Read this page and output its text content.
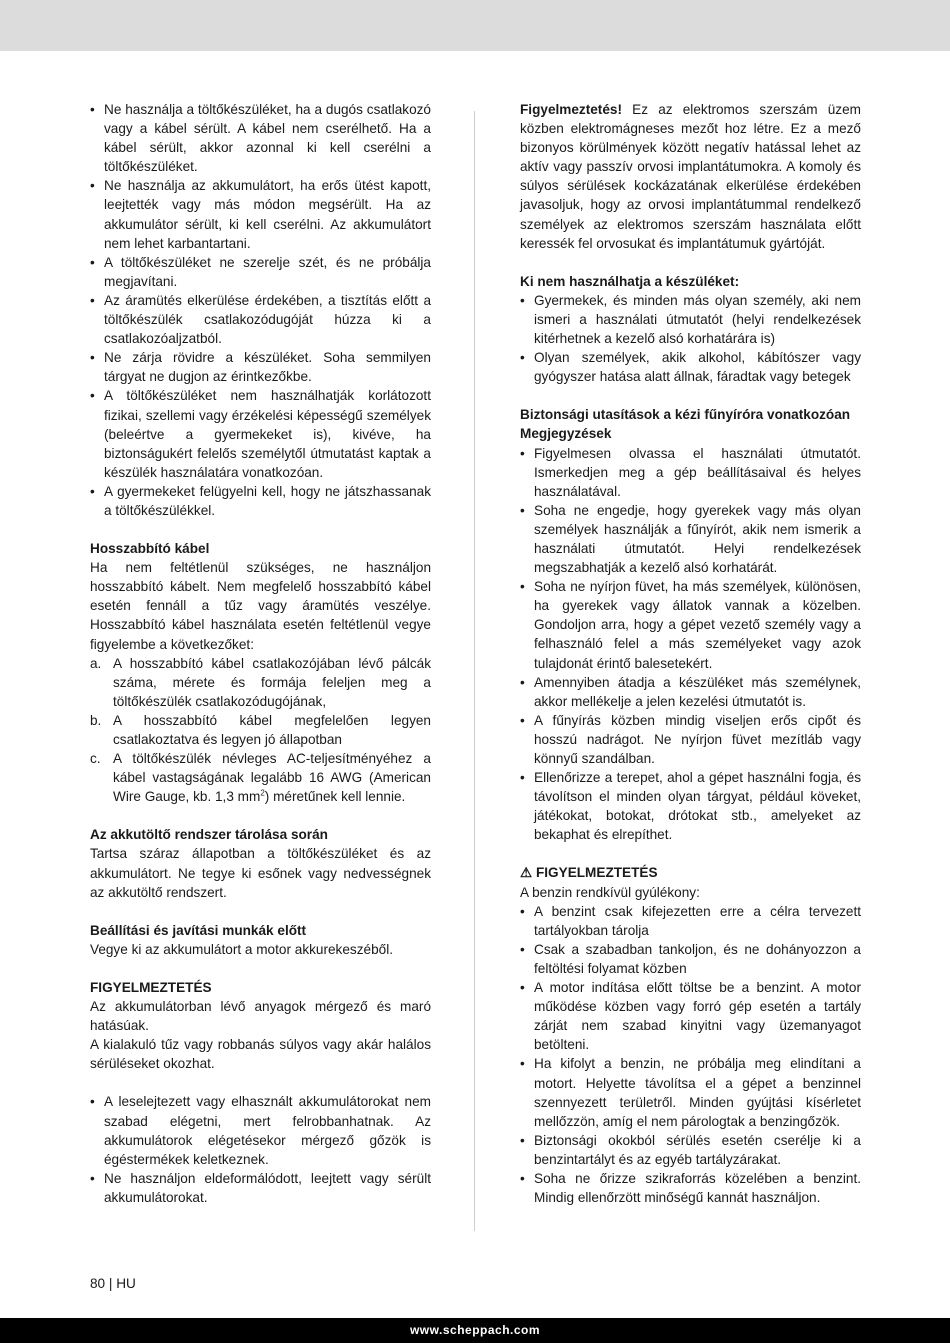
• Ne használja a töltőkészüléket, ha a dugós csatlakozó vagy a kábel sérült. A kábel nem cserélhető. Ha a kábel sérült, akkor azonnal ki kell cserélni a töltőkészüléket.
• Ne használja az akkumulátort, ha erős ütést kapott, leejtették vagy más módon megsérült. Ha az akkumulátor sérült, ki kell cserélni. Az akkumulátort nem lehet karbantartani.
• A töltőkészüléket ne szerelje szét, és ne próbálja megjavítani.
• Az áramütés elkerülése érdekében, a tisztítás előtt a töltőkészülék csatlakozódugóját húzza ki a csatlakozóaljzatból.
• Ne zárja rövidre a készüléket. Soha semmilyen tárgyat ne dugjon az érintkezőkbe.
• A töltőkészüléket nem használhatják korlátozott fizikai, szellemi vagy érzékelési képességű személyek (beleértve a gyermekeket is), kivéve, ha biztonságukért felelős személytől útmutatást kaptak a készülék használatára vonatkozóan.
• A gyermekeket felügyelni kell, hogy ne játszhassanak a töltőkészülékkel.

Hosszabbító kábel

Ha nem feltétlenül szükséges, ne használjon hosszabbító kábelt. Nem megfelelő hosszabbító kábel esetén fennáll a tűz vagy áramütés veszélye. Hosszabbító kábel használata esetén feltétlenül vegye figyelembe a következőket:

a. A hosszabbító kábel csatlakozójában lévő pálcák száma, mérete és formája feleljen meg a töltőkészülék csatlakozódugójának,
b. A hosszabbító kábel megfelelően legyen csatlakoztatva és legyen jó állapotban
c. A töltőkészülék névleges AC-teljesítményéhez a kábel vastagságának legalább 16 AWG (American Wire Gauge, kb. 1,3 $mm^2$) méretűnek kell lennie.

Az akkutöltő rendszer tárolása során

Tartsa száraz állapotban a töltőkészüléket és az akkumulátort. Ne tegye ki esőnek vagy nedvességnek az akkutöltő rendszert.

Beállítási és javítási munkák előtt

Vegye ki az akkumulátort a motor akkurekeszéből.

FIGYELMEZTETÉS

Az akkumulátorban lévő anyagok mérgező és maró hatásúak.

A kialakuló tűz vagy robbanás súlyos vagy akár halálos sérüléseket okozhat.

• A leselejtezett vagy elhasznált akkumulátorokat nem szabad elégetni, mert felrobbanhatnak. Az akkumulátorok elégetésekor mérgező gőzök is égéstermékek keletkeznek.
• Ne használjon eldeformálódott, leejtett vagy sérült akkumulátorokat.

Figyelmeztetés! Ez az elektromos szerszám üzem közben elektromágneses mezőt hoz létre. Ez a mező bizonyos körülmények között negatív hatással lehet az aktív vagy passzív orvosi implantátumokra. A komoly és súlyos sérülések kockázatának elkerülése érdekében javasoljuk, hogy az orvosi implantátummal rendelkező személyek az elektromos szerszám használata előtt keressék fel orvosukat és implantátumuk gyártóját.

Ki nem használhatja a készüléket:

• Gyermekek, és minden más olyan személy, aki nem ismeri a használati útmutatót (helyi rendelkezések kitérhetnek a kezelő alsó korhatárára is)
• Olyan személyek, akik alkohol, kábítószer vagy gyógyszer hatása alatt állnak, fáradtak vagy betegek

Biztonsági utasítások a kézi fűnyíróra vonatkozóan

Megjegyzések

• Figyelmesen olvassa el használati útmutatót. Ismerkedjen meg a gép beállításaival és helyes használatával.
• Soha ne engedje, hogy gyerekek vagy más olyan személyek használják a fűnyírót, akik nem ismerik a használati útmutatót. Helyi rendelkezések megszabhatják a kezelő alsó korhatárát.
• Soha ne nyírjon füvet, ha más személyek, különösen, ha gyerekek vagy állatok vannak a közelben. Gondoljon arra, hogy a gépet vezető személy vagy a felhasználó felel a más személyeket vagy azok tulajdonát érintő balesetekért.
• Amennyiben átadja a készüléket más személynek, akkor mellékelje a jelen kezelési útmutatót is.
• A fűnyírás közben mindig viseljen erős cipőt és hosszú nadrágot. Ne nyírjon füvet mezítláb vagy könnyű szandálban.
• Ellenőrizze a terepet, ahol a gépet használni fogja, és távolítson el minden olyan tárgyat, például köveket, játékokat, botokat, drótokat stb., amelyeket az bekaphat és elrepíthet.

⚠ FIGYELMEZTETÉS

A benzin rendkívül gyúlékony:

• A benzint csak kifejezetten erre a célra tervezett tartályokban tárolja
• Csak a szabadban tankoljon, és ne dohányozzon a feltöltési folyamat közben
• A motor indítása előtt töltse be a benzint. A motor működése közben vagy forró gép esetén a tartály zárját nem szabad kinyitni vagy üzemanyagot betölteni.
• Ha kifolyt a benzin, ne próbálja meg elindítani a motort. Helyette távolítsa el a gépet a benzinnel szennyezett területről. Minden gyújtási kísérletet mellőzzön, amíg el nem párologtak a benzingőzök.
• Biztonsági okokból sérülés esetén cserélje ki a benzintartályt és az egyéb tartályzárakat.
• Soha ne őrizze szikraforrás közelében a benzint. Mindig ellenőrzött minőségű kannát használjon.
80 | HU
www.scheppach.com
